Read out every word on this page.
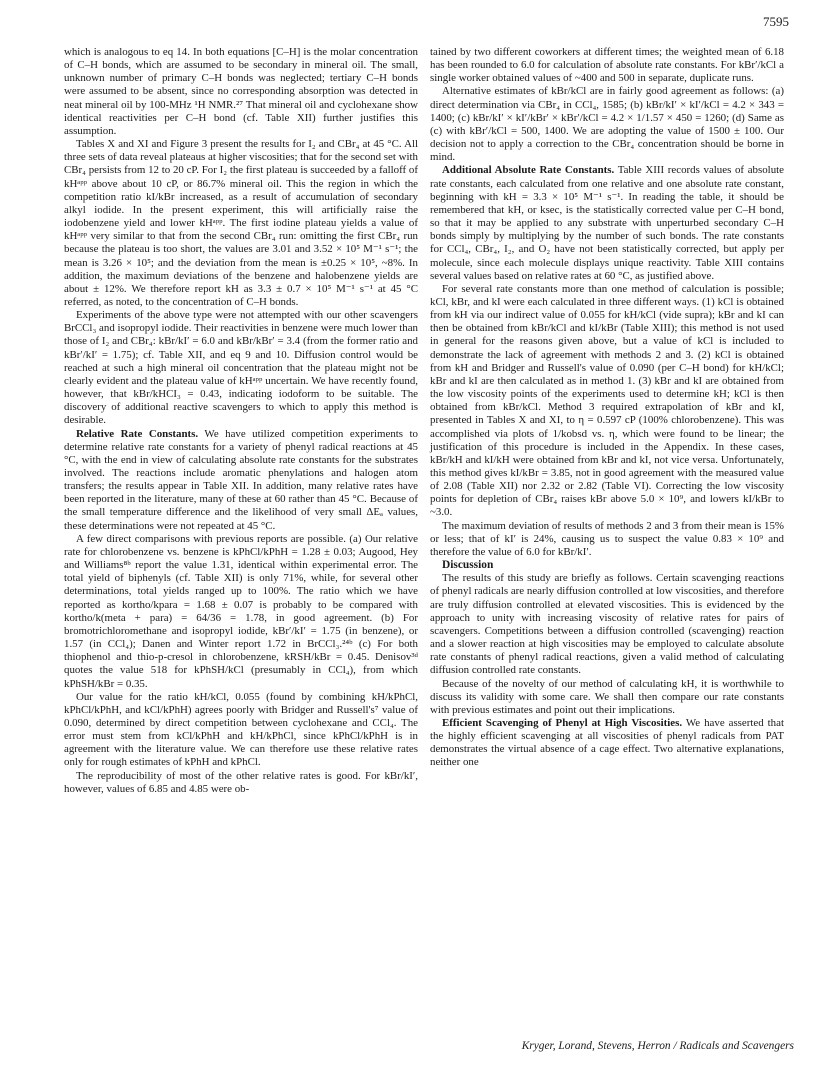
7595

which is analogous to eq 14. In both equations [C–H] is the molar concentration of C–H bonds, which are assumed to be secondary in mineral oil. The small, unknown number of primary C–H bonds was neglected; tertiary C–H bonds were assumed to be absent, since no corresponding absorption was detected in neat mineral oil by 100-MHz ¹H NMR.²⁷ That mineral oil and cyclohexane show identical reactivities per C–H bond (cf. Table XII) further justifies this assumption.

Tables X and XI and Figure 3 present the results for I₂ and CBr₄ at 45 °C. All three sets of data reveal plateaus at higher viscosities; that for the second set with CBr₄ persists from 12 to 20 cP. For I₂ the first plateau is succeeded by a falloff of kHᵃᵖᵖ above about 10 cP, or 86.7% mineral oil. This the region in which the competition ratio kI/kBr increased, as a result of accumulation of secondary alkyl iodide. In the present experiment, this will artificially raise the iodobenzene yield and lower kHᵃᵖᵖ. The first iodine plateau yields a value of kHᵃᵖᵖ very similar to that from the second CBr₄ run: omitting the first CBr₄ run because the plateau is too short, the values are 3.01 and 3.52 × 10⁵ M⁻¹ s⁻¹; the mean is 3.26 × 10⁵; and the deviation from the mean is ±0.25 × 10⁵, ~8%. In addition, the maximum deviations of the benzene and halobenzene yields are about ± 12%. We therefore report kH as 3.3 ± 0.7 × 10⁵ M⁻¹ s⁻¹ at 45 °C referred, as noted, to the concentration of C–H bonds.

Experiments of the above type were not attempted with our other scavengers BrCCl₃ and isopropyl iodide. Their reactivities in benzene were much lower than those of I₂ and CBr₄: kBr/kI′ = 6.0 and kBr/kBr′ = 3.4 (from the former ratio and kBr′/kI′ = 1.75); cf. Table XII, and eq 9 and 10. Diffusion control would be reached at such a high mineral oil concentration that the plateau might not be clearly evident and the plateau value of kHᵃᵖᵖ uncertain. We have recently found, however, that kBr/kHCI₃ = 0.43, indicating iodoform to be suitable. The discovery of additional reactive scavengers to which to apply this method is desirable.

Relative Rate Constants. We have utilized competition experiments to determine relative rate constants for a variety of phenyl radical reactions at 45 °C, with the end in view of calculating absolute rate constants for the substrates involved. The reactions include aromatic phenylations and halogen atom transfers; the results appear in Table XII. In addition, many relative rates have been reported in the literature, many of these at 60 rather than 45 °C. Because of the small temperature difference and the likelihood of very small ΔEₐ values, these determinations were not repeated at 45 °C.

A few direct comparisons with previous reports are possible. (a) Our relative rate for chlorobenzene vs. benzene is kPhCl/kPhH = 1.28 ± 0.03; Augood, Hey and Williams⁸ᵇ report the value 1.31, identical within experimental error. The total yield of biphenyls (cf. Table XII) is only 71%, while, for several other determinations, total yields ranged up to 100%. The ratio which we have reported as kortho/kpara = 1.68 ± 0.07 is probably to be compared with kortho/k(meta + para) = 64/36 = 1.78, in good agreement. (b) For bromotrichloromethane and isopropyl iodide, kBr′/kI′ = 1.75 (in benzene), or 1.57 (in CCl₄); Danen and Winter report 1.72 in BrCCl₃.²⁴ᵇ (c) For both thiophenol and thio-p-cresol in chlorobenzene, kRSH/kBr = 0.45. Denisov³ᵈ quotes the value 518 for kPhSH/kCl (presumably in CCl₄), from which kPhSH/kBr = 0.35.

Our value for the ratio kH/kCl, 0.055 (found by combining kH/kPhCl, kPhCl/kPhH, and kCl/kPhH) agrees poorly with Bridger and Russell's⁷ value of 0.090, determined by direct competition between cyclohexane and CCl₄. The error must stem from kCl/kPhH and kH/kPhCl, since kPhCl/kPhH is in agreement with the literature value. We can therefore use these relative rates only for rough estimates of kPhH and kPhCl.

The reproducibility of most of the other relative rates is good. For kBr/kI′, however, values of 6.85 and 4.85 were ob-

tained by two different coworkers at different times; the weighted mean of 6.18 has been rounded to 6.0 for calculation of absolute rate constants. For kBr′/kCl a single worker obtained values of ~400 and 500 in separate, duplicate runs.

Alternative estimates of kBr/kCl are in fairly good agreement as follows: (a) direct determination via CBr₄ in CCl₄, 1585; (b) kBr/kI′ × kI′/kCl = 4.2 × 343 = 1400; (c) kBr/kI′ × kI′/kBr′ × kBr′/kCl = 4.2 × 1/1.57 × 450 = 1260; (d) Same as (c) with kBr′/kCl = 500, 1400. We are adopting the value of 1500 ± 100. Our decision not to apply a correction to the CBr₄ concentration should be borne in mind.

Additional Absolute Rate Constants. Table XIII records values of absolute rate constants, each calculated from one relative and one absolute rate constant, beginning with kH = 3.3 × 10⁵ M⁻¹ s⁻¹. In reading the table, it should be remembered that kH, or ksec, is the statistically corrected value per C–H bond, so that it may be applied to any substrate with unperturbed secondary C–H bonds simply by multiplying by the number of such bonds. The rate constants for CCl₄, CBr₄, I₂, and O₂ have not been statistically corrected, but apply per molecule, since each molecule displays unique reactivity. Table XIII contains several values based on relative rates at 60 °C, as justified above.

For several rate constants more than one method of calculation is possible; kCl, kBr, and kI were each calculated in three different ways. (1) kCl is obtained from kH via our indirect value of 0.055 for kH/kCl (vide supra); kBr and kI can then be obtained from kBr/kCl and kI/kBr (Table XIII); this method is not used in general for the reasons given above, but a value of kCl is included to demonstrate the lack of agreement with methods 2 and 3. (2) kCl is obtained from kH and Bridger and Russell's value of 0.090 (per C–H bond) for kH/kCl; kBr and kI are then calculated as in method 1. (3) kBr and kI are obtained from the low viscosity points of the experiments used to determine kH; kCl is then obtained from kBr/kCl. Method 3 required extrapolation of kBr and kI, presented in Tables X and XI, to η = 0.597 cP (100% chlorobenzene). This was accomplished via plots of 1/kobsd vs. η, which were found to be linear; the justification of this procedure is included in the Appendix. In these cases, kBr/kH and kI/kH were obtained from kBr and kI, not vice versa. Unfortunately, this method gives kI/kBr = 3.85, not in good agreement with the measured value of 2.08 (Table XII) nor 2.32 or 2.82 (Table VI). Correcting the low viscosity points for depletion of CBr₄ raises kBr above 5.0 × 10⁹, and lowers kI/kBr to ~3.0.

The maximum deviation of results of methods 2 and 3 from their mean is 15% or less; that of kI′ is 24%, causing us to suspect the value 0.83 × 10⁹ and therefore the value of 6.0 for kBr/kI′.

Discussion

The results of this study are briefly as follows. Certain scavenging reactions of phenyl radicals are nearly diffusion controlled at low viscosities, and therefore are truly diffusion controlled at elevated viscosities. This is evidenced by the approach to unity with increasing viscosity of relative rates for pairs of scavengers. Competitions between a diffusion controlled (scavenging) reaction and a slower reaction at high viscosities may be employed to calculate absolute rate constants of phenyl radical reactions, given a valid method of calculating diffusion controlled rate constants.

Because of the novelty of our method of calculating kH, it is worthwhile to discuss its validity with some care. We shall then compare our rate constants with previous estimates and point out their implications.

Efficient Scavenging of Phenyl at High Viscosities. We have asserted that the highly efficient scavenging at all viscosities of phenyl radicals from PAT demonstrates the virtual absence of a cage effect. Two alternative explanations, neither one

Kryger, Lorand, Stevens, Herron / Radicals and Scavengers
